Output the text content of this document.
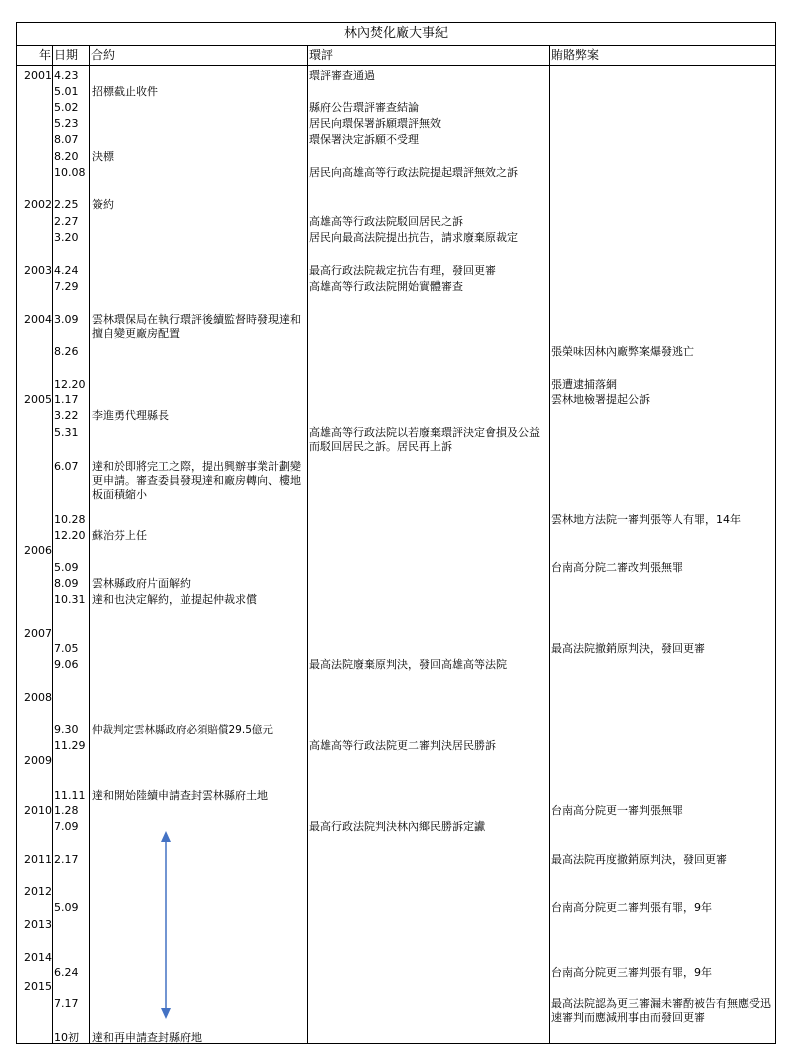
林內焚化廠大事紀
年 日期 合約	環評	賄賂弊案
2001
2002
2003
2004
2005
2006
2007
2008
2009
2010
2011
2012
2013
2014
2015
4.23
5.01
5.02
5.23
8.07
8.20
10.08
2.25
2.27
3.20
4.24
7.29
3.09
8.26
12.20
1.17
3.22
5.31
6.07
10.28
12.20
5.09
8.09
10.31
7.05
9.06
9.30
11.29
11.11
1.28
7.09
2.17
5.09
6.24
7.17
10初
招標截止收件
決標
簽約
雲林環保局在執行環評後續監督時發現達和擅自變更廠房配置
李進勇代理縣長
達和於即將完工之際，提出興辦事業計劃變更申請。審查委員發現達和廠房轉向、樓地板面積縮小
蘇治芬上任
雲林縣政府片面解約
達和也決定解約，並提起仲裁求償
仲裁判定雲林縣政府必須賠償29.5億元
達和開始陸續申請查封雲林縣府土地
達和再申請查封縣府地
環評審查通過
縣府公告環評審查結論
居民向環保署訴願環評無效
環保署決定訴願不受理
居民向高雄高等行政法院提起環評無效之訴
高雄高等行政法院駁回居民之訴
居民向最高法院提出抗告，請求廢棄原裁定
最高行政法院裁定抗告有理，發回更審
高雄高等行政法院開始實體審查
高雄高等行政法院以若廢棄環評決定會損及公益而駁回居民之訴。居民再上訴
最高法院廢棄原判決，發回高雄高等法院
高雄高等行政法院更二審判決居民勝訴
最高行政法院判決林內鄉民勝訴定讞
張榮味因林內廠弊案爆發逃亡
張遭逮捕落網
雲林地檢署提起公訴
雲林地方法院一審判張等人有罪，14年
台南高分院二審改判張無罪
最高法院撤銷原判決，發回更審
台南高分院更一審判張無罪
最高法院再度撤銷原判決，發回更審
台南高分院更二審判張有罪，9年
台南高分院更三審判張有罪，9年
最高法院認為更三審漏未審酌被告有無應受迅速審判而應減刑事由而發回更審
